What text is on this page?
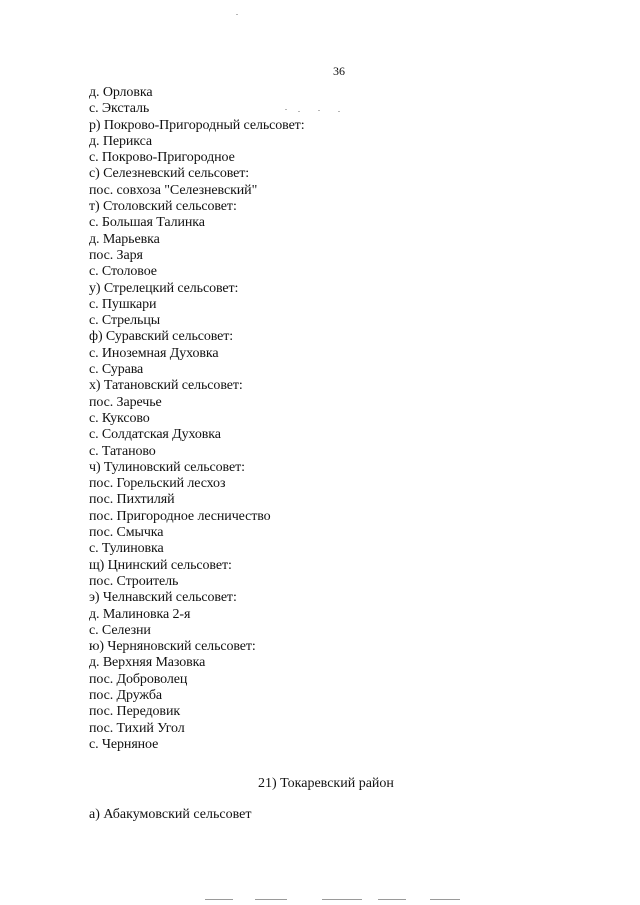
36
д. Орловка
с. Эксталь
р) Покрово-Пригородный сельсовет:
д. Перикса
с. Покрово-Пригородное
с) Селезневский сельсовет:
пос. совхоза "Селезневский"
т) Столовский сельсовет:
с. Большая Талинка
д. Марьевка
пос. Заря
с. Столовое
у) Стрелецкий сельсовет:
с. Пушкари
с. Стрельцы
ф) Суравский сельсовет:
с. Иноземная Духовка
с. Сурава
х) Татановский сельсовет:
пос. Заречье
с. Куксово
с. Солдатская Духовка
с. Татаново
ч) Тулиновский сельсовет:
пос. Горельский лесхоз
пос. Пихтиляй
пос. Пригородное лесничество
пос. Смычка
с. Тулиновка
щ) Цнинский сельсовет:
пос. Строитель
э) Челнавский сельсовет:
д. Малиновка 2-я
с. Селезни
ю) Черняновский сельсовет:
д. Верхняя Мазовка
пос. Доброволец
пос. Дружба
пос. Передовик
пос. Тихий Угол
с. Черняное
21) Токаревский район
а) Абакумовский сельсовет
